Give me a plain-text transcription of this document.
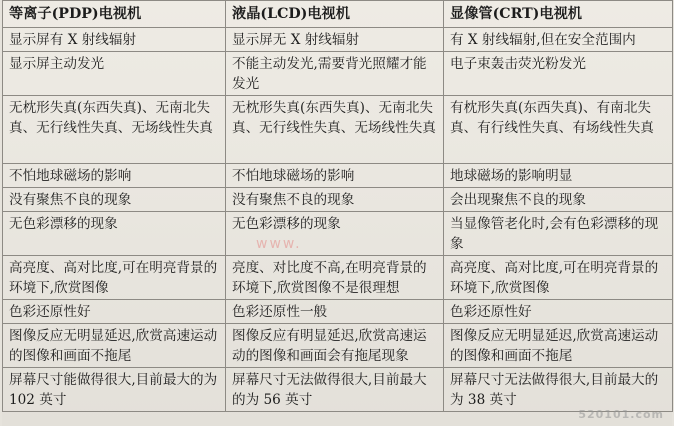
等离子(PDP)电视机	液晶(LCD)电视机	显像管(CRT)电视机
显示屏有 X 射线辐射	显示屏无 X 射线辐射	有 X 射线辐射,但在安全范围内
显示屏主动发光	不能主动发光,需要背光照耀才能发光	电子束轰击荧光粉发光
无枕形失真(东西失真)、无南北失真、无行线性失真、无场线性失真	无枕形失真(东西失真)、无南北失真、无行线性失真、无场线性失真	有枕形失真(东西失真)、有南北失真、有行线性失真、有场线性失真
不怕地球磁场的影响	不怕地球磁场的影响	地球磁场的影响明显
没有聚焦不良的现象	没有聚焦不良的现象	会出现聚焦不良的现象
无色彩漂移的现象	无色彩漂移的现象	当显像管老化时,会有色彩漂移的现象
高亮度、高对比度,可在明亮背景的环境下,欣赏图像	亮度、对比度不高,在明亮背景的环境下,欣赏图像不是很理想	高亮度、高对比度,可在明亮背景的环境下,欣赏图像
色彩还原性好	色彩还原性一般	色彩还原性好
图像反应无明显延迟,欣赏高速运动的图像和画面不拖尾	图像反应有明显延迟,欣赏高速运动的图像和画面会有拖尾现象	图像反应无明显延迟,欣赏高速运动的图像和画面不拖尾
屏幕尺寸能做得很大,目前最大的为 102 英寸	屏幕尺寸无法做得很大,目前最大的为 56 英寸	屏幕尺寸无法做得很大,目前最大的为 38 英寸
www.
520101.com
